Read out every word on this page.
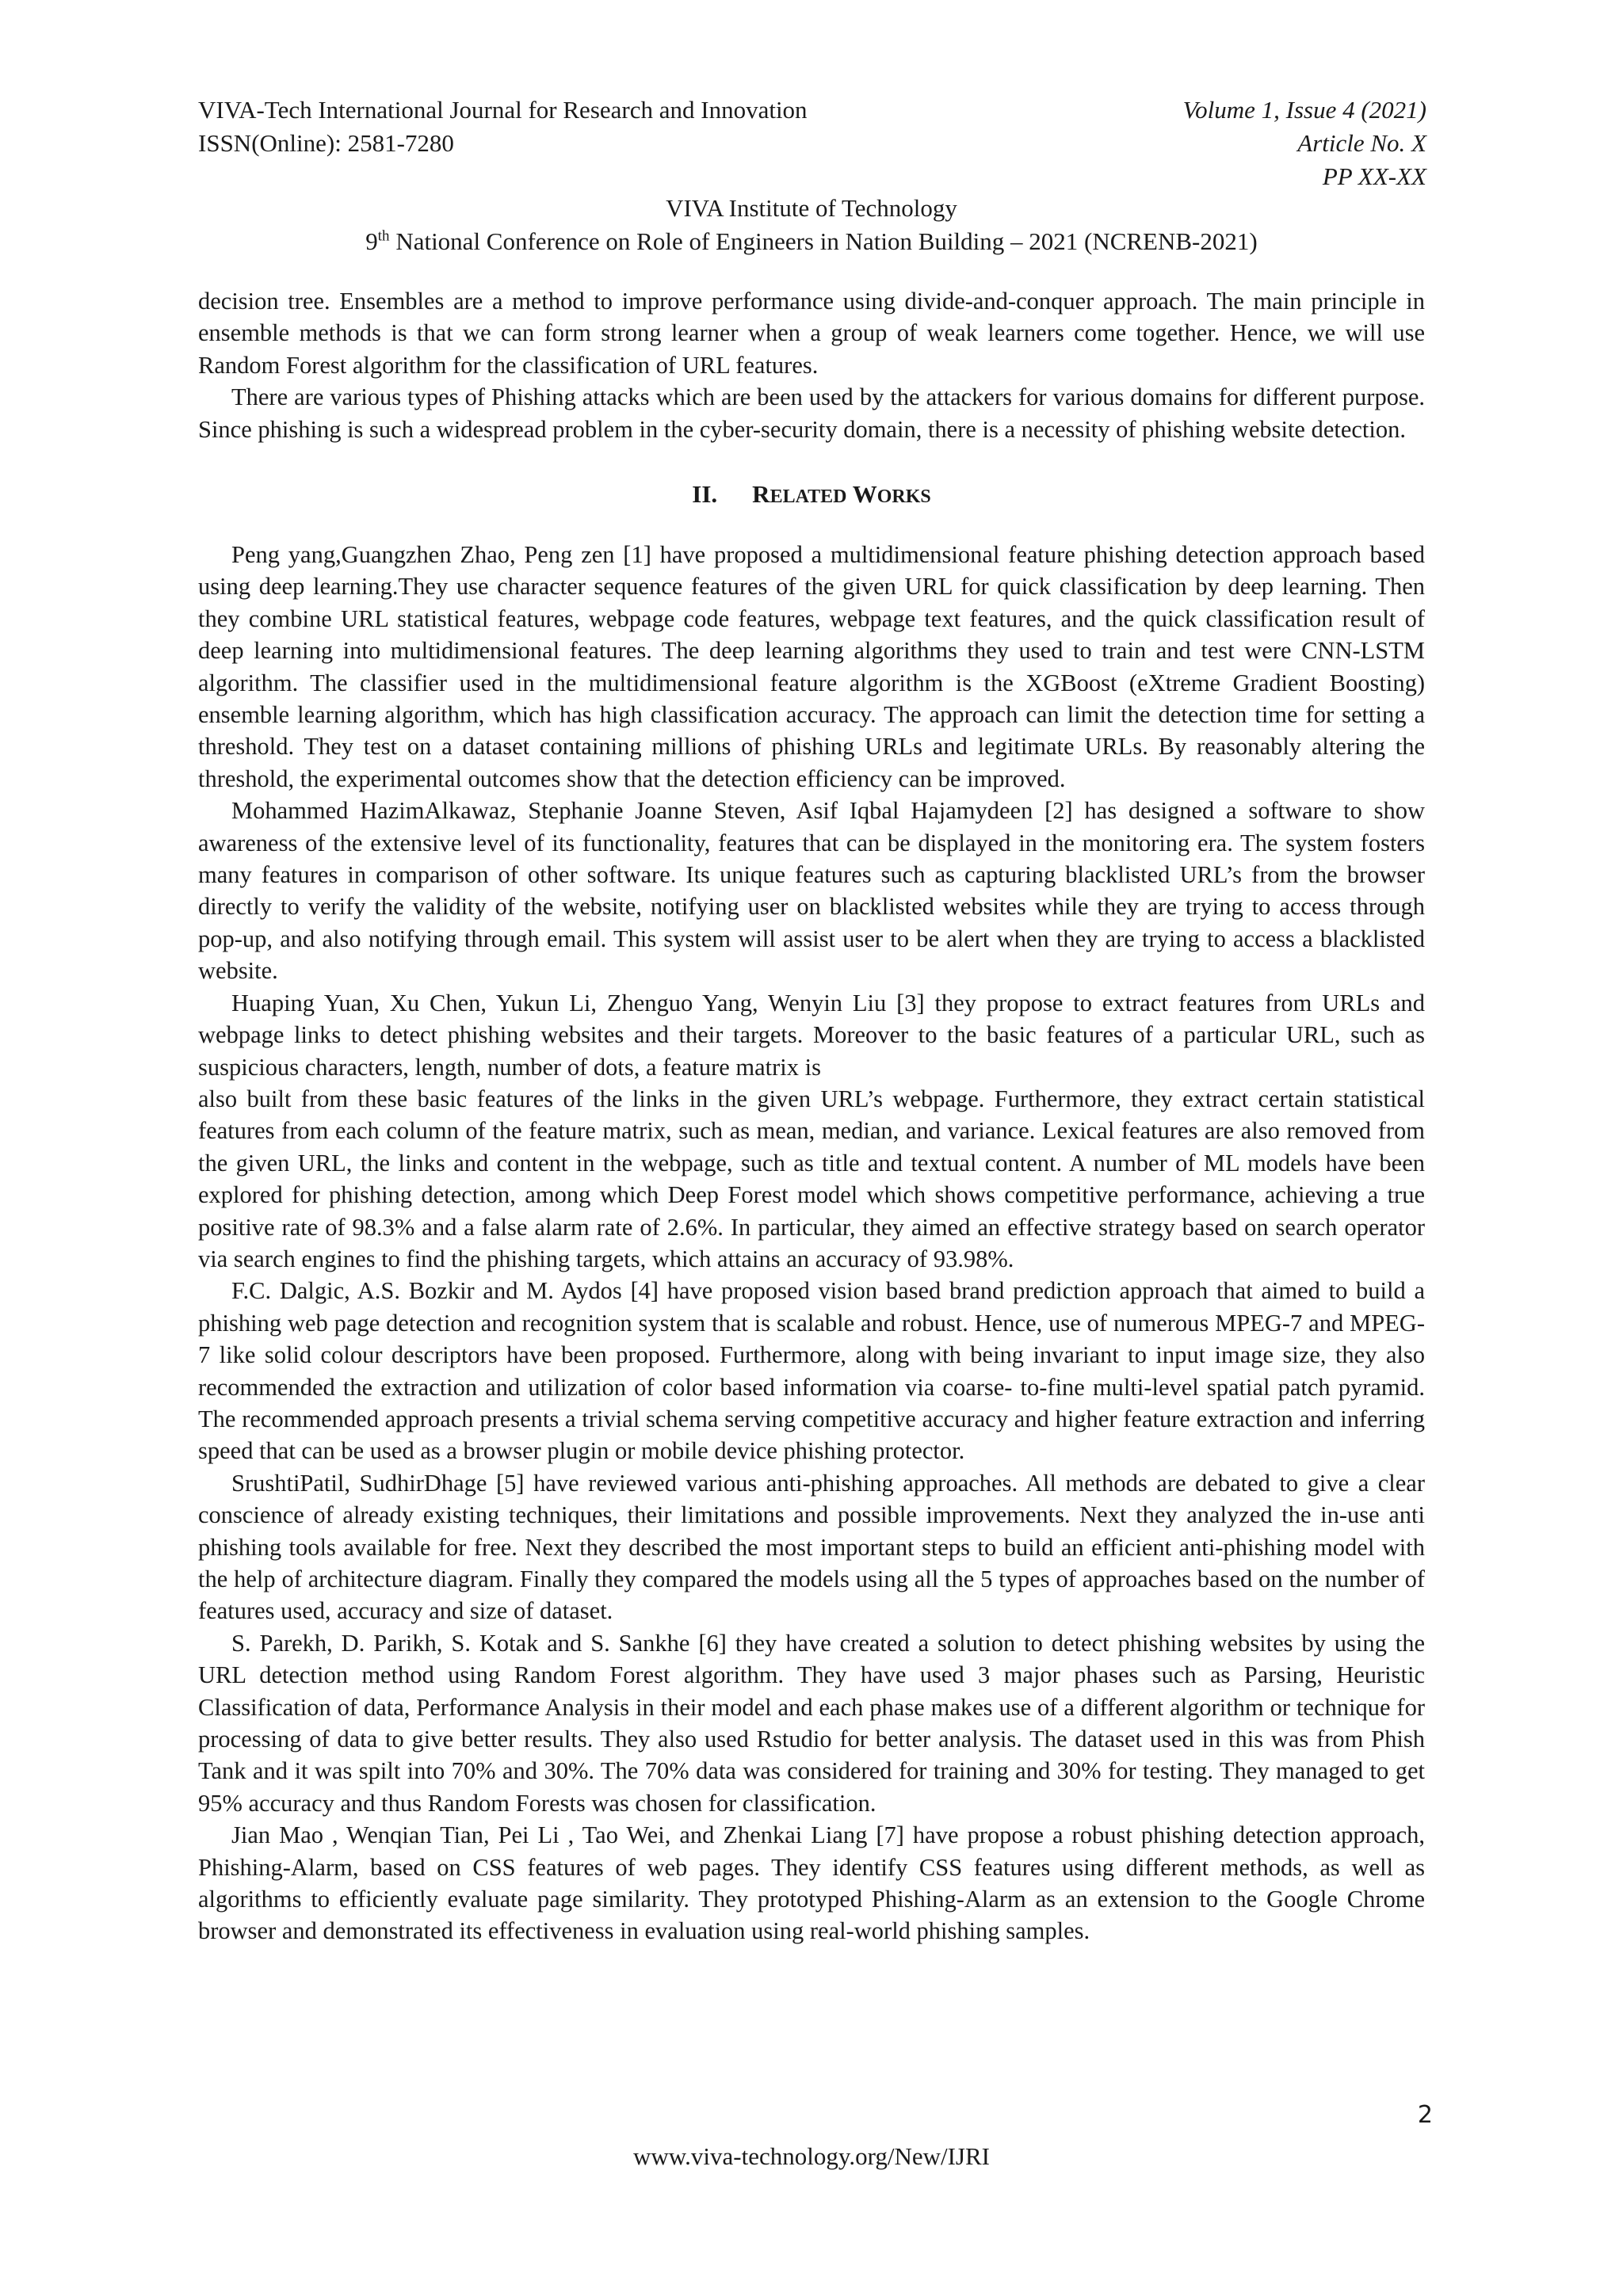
VIVA-Tech International Journal for Research and Innovation
ISSN(Online): 2581-7280
Volume 1, Issue 4 (2021)
Article No. X
PP XX-XX
VIVA Institute of Technology
9th National Conference on Role of Engineers in Nation Building – 2021 (NCRENB-2021)

decision tree. Ensembles are a method to improve performance using divide-and-conquer approach. The main principle in ensemble methods is that we can form strong learner when a group of weak learners come together. Hence, we will use Random Forest algorithm for the classification of URL features.

There are various types of Phishing attacks which are been used by the attackers for various domains for different purpose. Since phishing is such a widespread problem in the cyber-security domain, there is a necessity of phishing website detection.

II. RELATED WORKS

Peng yang,Guangzhen Zhao, Peng zen [1] have proposed a multidimensional feature phishing detection approach based using deep learning.They use character sequence features of the given URL for quick classification by deep learning. Then they combine URL statistical features, webpage code features, webpage text features, and the quick classification result of deep learning into multidimensional features. The deep learning algorithms they used to train and test were CNN-LSTM algorithm. The classifier used in the multidimensional feature algorithm is the XGBoost (eXtreme Gradient Boosting) ensemble learning algorithm, which has high classification accuracy. The approach can limit the detection time for setting a threshold. They test on a dataset containing millions of phishing URLs and legitimate URLs. By reasonably altering the threshold, the experimental outcomes show that the detection efficiency can be improved.

Mohammed HazimAlkawaz, Stephanie Joanne Steven, Asif Iqbal Hajamydeen [2] has designed a software to show awareness of the extensive level of its functionality, features that can be displayed in the monitoring era. The system fosters many features in comparison of other software. Its unique features such as capturing blacklisted URL’s from the browser directly to verify the validity of the website, notifying user on blacklisted websites while they are trying to access through pop-up, and also notifying through email. This system will assist user to be alert when they are trying to access a blacklisted website.

Huaping Yuan, Xu Chen, Yukun Li, Zhenguo Yang, Wenyin Liu [3] they propose to extract features from URLs and webpage links to detect phishing websites and their targets. Moreover to the basic features of a particular URL, such as suspicious characters, length, number of dots, a feature matrix is

also built from these basic features of the links in the given URL’s webpage. Furthermore, they extract certain statistical features from each column of the feature matrix, such as mean, median, and variance. Lexical features are also removed from the given URL, the links and content in the webpage, such as title and textual content. A number of ML models have been explored for phishing detection, among which Deep Forest model which shows competitive performance, achieving a true positive rate of 98.3% and a false alarm rate of 2.6%. In particular, they aimed an effective strategy based on search operator via search engines to find the phishing targets, which attains an accuracy of 93.98%.

F.C. Dalgic, A.S. Bozkir and M. Aydos [4] have proposed vision based brand prediction approach that aimed to build a phishing web page detection and recognition system that is scalable and robust. Hence, use of numerous MPEG-7 and MPEG-7 like solid colour descriptors have been proposed. Furthermore, along with being invariant to input image size, they also recommended the extraction and utilization of color based information via coarse- to-fine multi-level spatial patch pyramid. The recommended approach presents a trivial schema serving competitive accuracy and higher feature extraction and inferring speed that can be used as a browser plugin or mobile device phishing protector.

SrushtiPatil, SudhirDhage [5] have reviewed various anti-phishing approaches. All methods are debated to give a clear conscience of already existing techniques, their limitations and possible improvements. Next they analyzed the in-use anti phishing tools available for free. Next they described the most important steps to build an efficient anti-phishing model with the help of architecture diagram. Finally they compared the models using all the 5 types of approaches based on the number of features used, accuracy and size of dataset.

S. Parekh, D. Parikh, S. Kotak and S. Sankhe [6] they have created a solution to detect phishing websites by using the URL detection method using Random Forest algorithm. They have used 3 major phases such as Parsing, Heuristic Classification of data, Performance Analysis in their model and each phase makes use of a different algorithm or technique for processing of data to give better results. They also used Rstudio for better analysis. The dataset used in this was from Phish Tank and it was spilt into 70% and 30%. The 70% data was considered for training and 30% for testing. They managed to get 95% accuracy and thus Random Forests was chosen for classification.

Jian Mao , Wenqian Tian, Pei Li , Tao Wei, and Zhenkai Liang [7] have propose a robust phishing detection approach, Phishing-Alarm, based on CSS features of web pages. They identify CSS features using different methods, as well as algorithms to efficiently evaluate page similarity. They prototyped Phishing-Alarm as an extension to the Google Chrome browser and demonstrated its effectiveness in evaluation using real-world phishing samples.

2
www.viva-technology.org/New/IJRI
